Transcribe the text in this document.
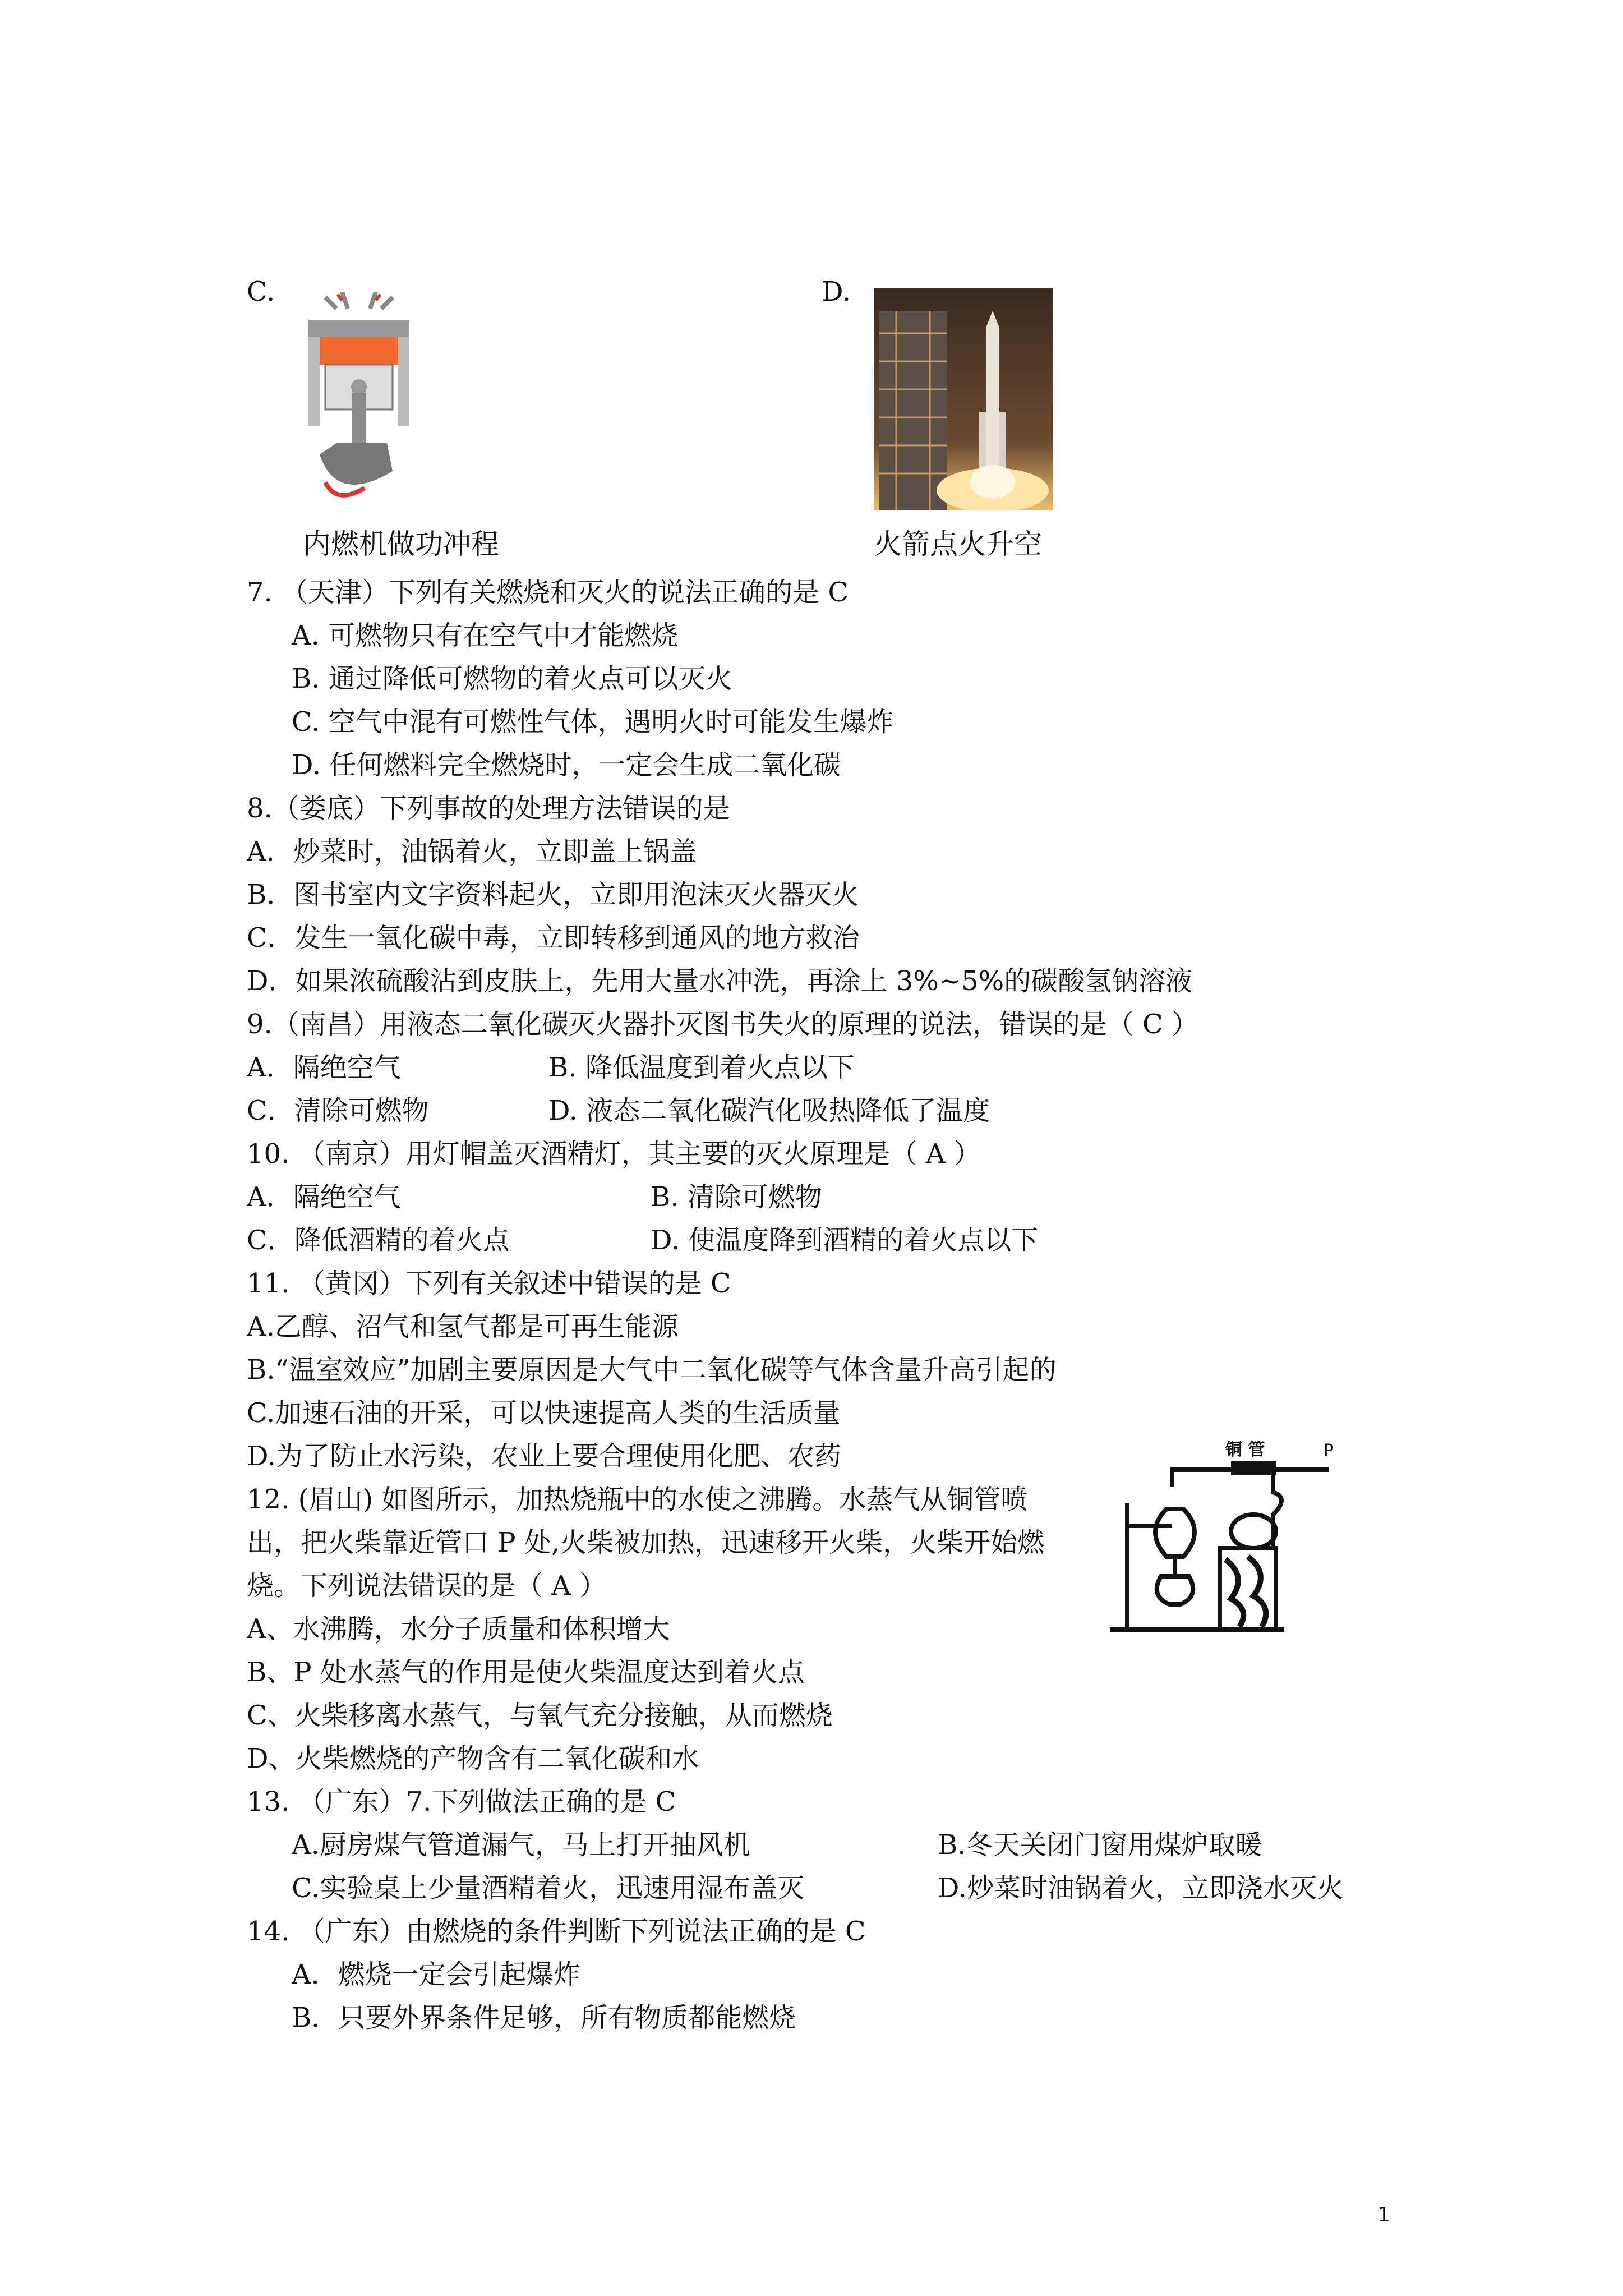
C.
内燃机做功冲程
D.
火箭点火升空
7. （天津）下列有关燃烧和灭火的说法正确的是 C
A. 可燃物只有在空气中才能燃烧
B. 通过降低可燃物的着火点可以灭火
C. 空气中混有可燃性气体，遇明火时可能发生爆炸
D. 任何燃料完全燃烧时，一定会生成二氧化碳
8.（娄底）下列事故的处理方法错误的是
A．炒菜时，油锅着火，立即盖上锅盖
B．图书室内文字资料起火，立即用泡沫灭火器灭火
C．发生一氧化碳中毒，立即转移到通风的地方救治
D．如果浓硫酸沾到皮肤上，先用大量水冲洗，再涂上 3%~5%的碳酸氢钠溶液
9.（南昌）用液态二氧化碳灭火器扑灭图书失火的原理的说法，错误的是（ C ）
A．隔绝空气	B. 降低温度到着火点以下
C．清除可燃物	D. 液态二氧化碳汽化吸热降低了温度
10. （南京）用灯帽盖灭酒精灯，其主要的灭火原理是（ A ）
A．隔绝空气	B. 清除可燃物
C．降低酒精的着火点	D. 使温度降到酒精的着火点以下
11. （黄冈）下列有关叙述中错误的是 C
A.乙醇、沼气和氢气都是可再生能源
B.“温室效应”加剧主要原因是大气中二氧化碳等气体含量升高引起的
C.加速石油的开采，可以快速提高人类的生活质量
D.为了防止水污染，农业上要合理使用化肥、农药
12. (眉山) 如图所示，加热烧瓶中的水使之沸腾。水蒸气从铜管喷
出，把火柴靠近管口 P 处,火柴被加热，迅速移开火柴，火柴开始燃
烧。下列说法错误的是（ A ）
A、水沸腾，水分子质量和体积增大
B、P 处水蒸气的作用是使火柴温度达到着火点
C、火柴移离水蒸气，与氧气充分接触，从而燃烧
D、火柴燃烧的产物含有二氧化碳和水
铜 管	P
13. （广东）7.下列做法正确的是 C
A.厨房煤气管道漏气，马上打开抽风机	B.冬天关闭门窗用煤炉取暖
C.实验桌上少量酒精着火，迅速用湿布盖灭	D.炒菜时油锅着火，立即浇水灭火
14. （广东）由燃烧的条件判断下列说法正确的是 C
A．燃烧一定会引起爆炸
B．只要外界条件足够，所有物质都能燃烧
1
